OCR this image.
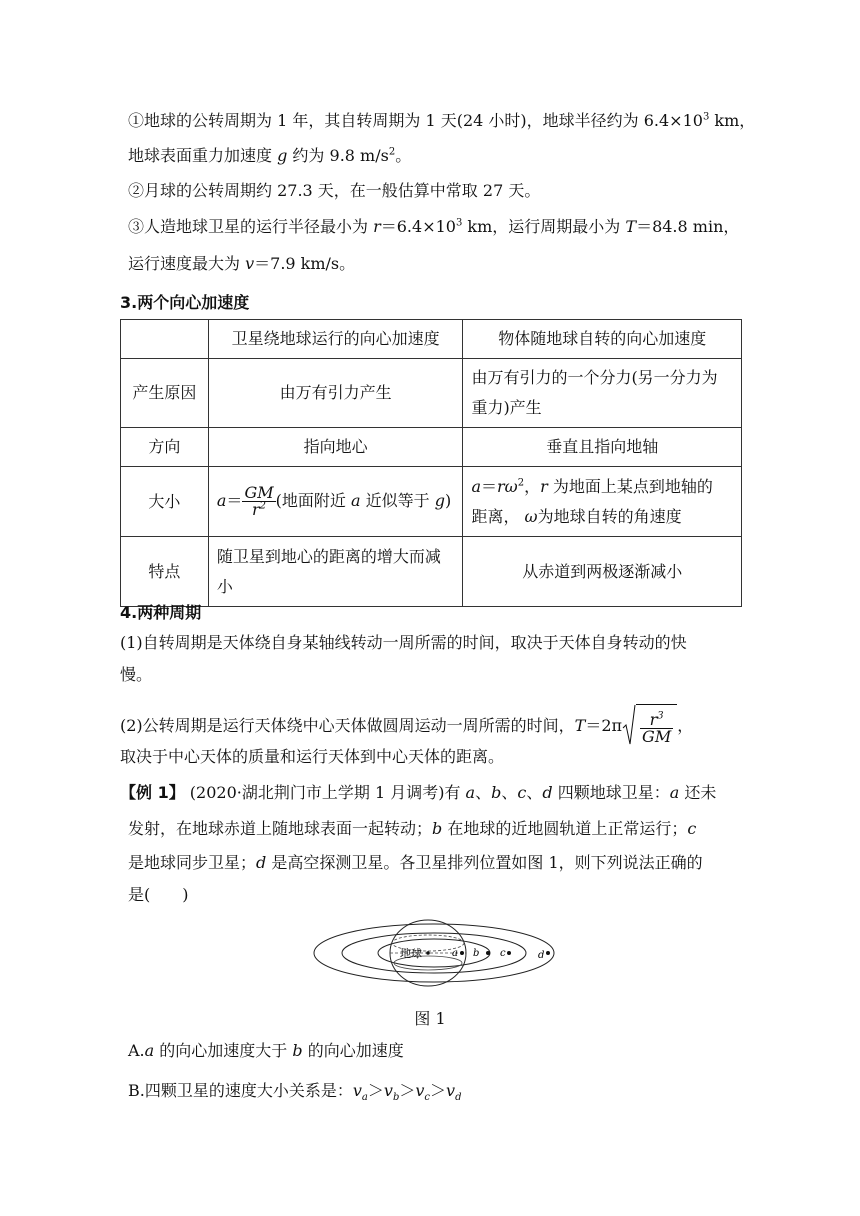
①地球的公转周期为 1 年，其自转周期为 1 天(24 小时)，地球半径约为 $6.4\times 10^3$ km，
地球表面重力加速度 g 约为 9.8 $m/s^2$。
②月球的公转周期约 27.3 天，在一般估算中常取 27 天。
③人造地球卫星的运行半径最小为 $r=6.4\times 10^3$ km，运行周期最小为 T＝84.8 min，
运行速度最大为 v＝7.9 km/s。
3.两个向心加速度
	卫星绕地球运行的向心加速度	物体随地球自转的向心加速度
产生原因	由万有引力产生	由万有引力的一个分力(另一分力为重力)产生
方向	指向地心	垂直且指向地轴
大小	$a= \frac{GM}{r^2}$ (地面附近 a 近似等于 g)	$a=r\omega^2$，r 为地面上某点到地轴的
距离， ω为地球自转的角速度
特点	随卫星到地心的距离的增大而减小	从赤道到两极逐渐减小
4.两种周期
(1)自转周期是天体绕自身某轴线转动一周所需的时间，取决于天体自身转动的快
慢。
(2)公转周期是运行天体绕中心天体做圆周运动一周所需的时间，$T=2\pi \frac{r^3}{GM}$ ，
取决于中心天体的质量和运行天体到中心天体的距离。
【例 1】 (2020·湖北荆门市上学期 1 月调考)有 a、b、c、d 四颗地球卫星：a 还未
发射，在地球赤道上随地球表面一起转动；b 在地球的近地圆轨道上正常运行；c
是地球同步卫星；d 是高空探测卫星。各卫星排列位置如图 1，则下列说法正确的
是(　　)
地球	a b c	d
图 1
A.a 的向心加速度大于 b 的向心加速度
B.四颗卫星的速度大小关系是：$v_a>v_b>v_c>v_d$
